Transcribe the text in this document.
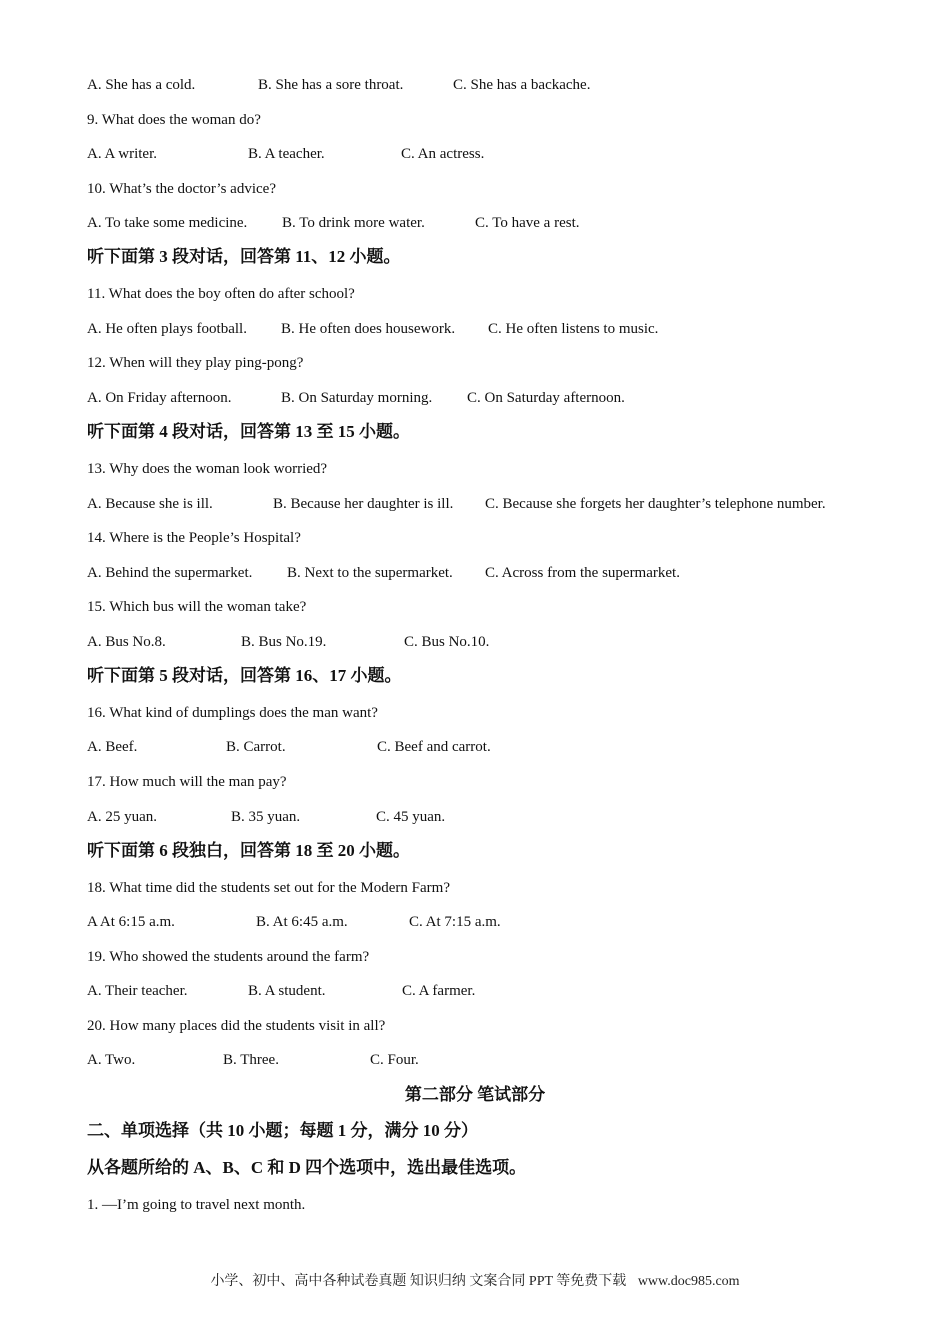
A. She has a cold.	B. She has a sore throat.	C. She has a backache.
9. What does the woman do?
A. A writer.	B. A teacher.	C. An actress.
10. What’s the doctor’s advice?
A. To take some medicine. B. To drink more water.	C. To have a rest.
听下面第 3 段对话，回答第 11、12 小题。
11. What does the boy often do after school?
A. He often plays football. B. He often does housework. C. He often listens to music.
12. When will they play ping-pong?
A. On Friday afternoon.	B. On Saturday morning. C. On Saturday afternoon.
听下面第 4 段对话，回答第 13 至 15 小题。
13. Why does the woman look worried?
A. Because she is ill.	B. Because her daughter is ill. C. Because she forgets her daughter’s telephone number.
14. Where is the People’s Hospital?
A. Behind the supermarket. B. Next to the supermarket. C. Across from the supermarket.
15. Which bus will the woman take?
A. Bus No.8.	B. Bus No.19.	C. Bus No.10.
听下面第 5 段对话，回答第 16、17 小题。
16. What kind of dumplings does the man want?
A. Beef.	B. Carrot.	C. Beef and carrot.
17. How much will the man pay?
A. 25 yuan.	B. 35 yuan.	C. 45 yuan.
听下面第 6 段独白，回答第 18 至 20 小题。
18. What time did the students set out for the Modern Farm?
A At 6:15 a.m.	B. At 6:45 a.m.	C. At 7:15 a.m.
19. Who showed the students around the farm?
A. Their teacher.	B. A student.	C. A farmer.
20. How many places did the students visit in all?
A. Two.	B. Three.	C. Four.
第二部分 笔试部分
二、单项选择（共 10 小题；每题 1 分，满分 10 分）
从各题所给的 A、B、C 和 D 四个选项中，选出最佳选项。
1. —I’m going to travel next month.
小学、初中、高中各种试卷真题 知识归纳 文案合同 PPT 等免费下载 www.doc985.com
